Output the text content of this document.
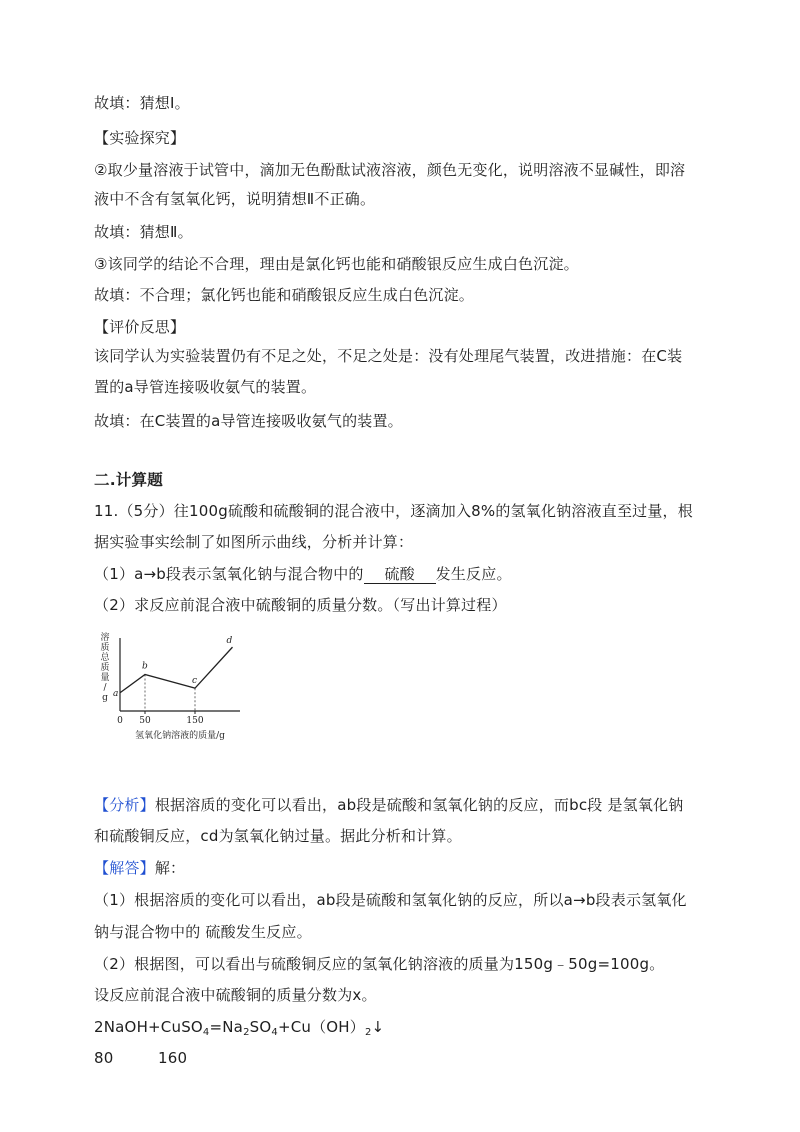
故填：猜想Ⅰ。
【实验探究】
②取少量溶液于试管中，滴加无色酚酞试液溶液，颜色无变化，说明溶液不显碱性，即溶
液中不含有氢氧化钙，说明猜想Ⅱ不正确。
故填：猜想Ⅱ。
③该同学的结论不合理，理由是氯化钙也能和硝酸银反应生成白色沉淀。
故填：不合理；氯化钙也能和硝酸银反应生成白色沉淀。
【评价反思】
该同学认为实验装置仍有不足之处，不足之处是：没有处理尾气装置，改进措施：在C装
置的a导管连接吸收氨气的装置。
故填：在C装置的a导管连接吸收氨气的装置。
二.计算题
11.（5分）往100g硫酸和硫酸铜的混合液中，逐滴加入8%的氢氧化钠溶液直至过量，根
据实验事实绘制了如图所示曲线，分析并计算：
（1）a→b段表示氢氧化钠与混合物中的 硫酸 发生反应。
（2）求反应前混合液中硫酸铜的质量分数。（写出计算过程）
溶
质
总
质
量
/
g
0 50	150
a
b
c
d
氢氧化钠溶液的质量/g
【分析】根据溶质的变化可以看出，ab段是硫酸和氢氧化钠的反应，而bc段 是氢氧化钠
和硫酸铜反应，cd为氢氧化钠过量。据此分析和计算。
【解答】解：
（1）根据溶质的变化可以看出，ab段是硫酸和氢氧化钠的反应，所以a→b段表示氢氧化
钠与混合物中的 硫酸发生反应。
（2）根据图，可以看出与硫酸铜反应的氢氧化钠溶液的质量为150g﹣50g=100g。
设反应前混合液中硫酸铜的质量分数为x。
$2NaOH+CuSO_4=Na_2SO_4+Cu(OH)_2↓$
80	160
